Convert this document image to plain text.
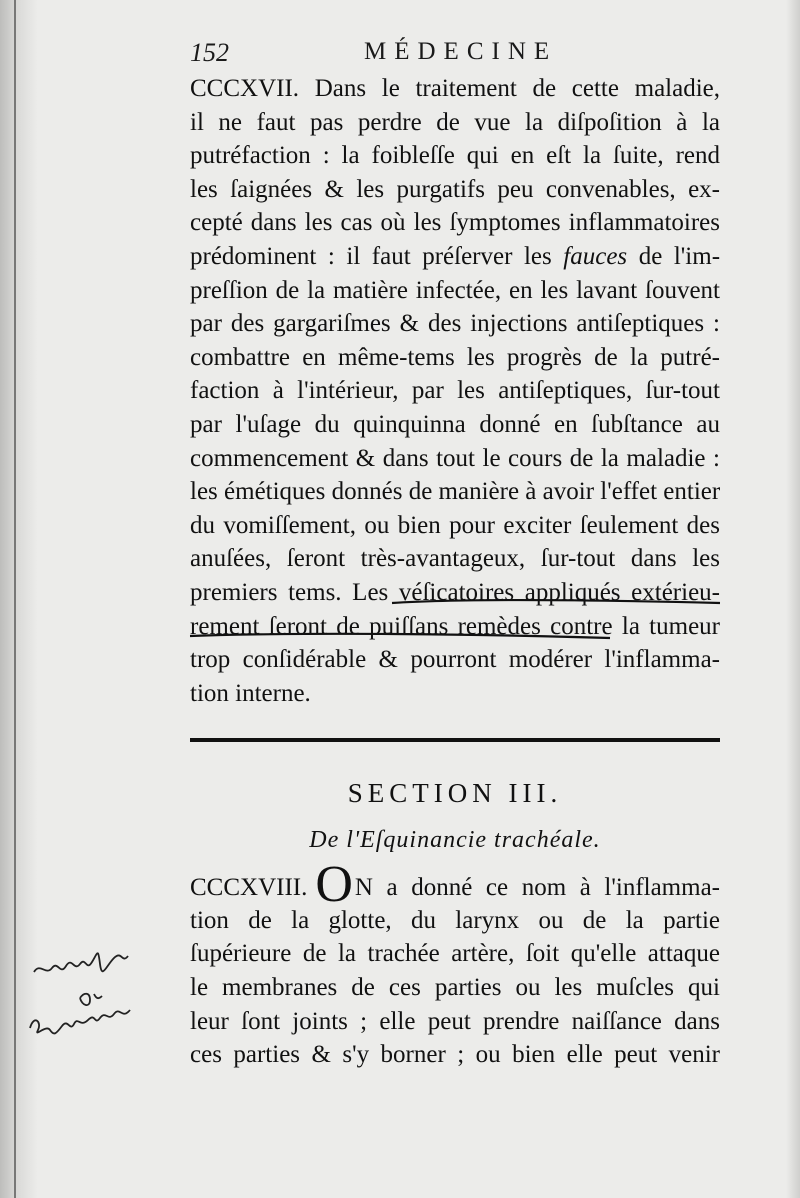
152	MÉDECINE
CCCXVII. Dans le traitement de cette maladie,
il ne faut pas perdre de vue la diſpoſition à la
putréfaction : la foibleſſe qui en eſt la ſuite, rend
les ſaignées & les purgatifs peu convenables, ex-
cepté dans les cas où les ſymptomes inflammatoires
prédominent : il faut préſerver les fauces de l'im-
preſſion de la matière infectée, en les lavant ſouvent
par des gargariſmes & des injections antiſeptiques :
combattre en même-tems les progrès de la putré-
faction à l'intérieur, par les antiſeptiques, ſur-tout
par l'uſage du quinquinna donné en ſubſtance au
commencement & dans tout le cours de la maladie :
les émétiques donnés de manière à avoir l'effet entier
du vomiſſement, ou bien pour exciter ſeulement des
anuſées, ſeront très-avantageux, ſur-tout dans les
premiers tems. Les véſicatoires appliqués extérieu-
rement ſeront de puiſſans remèdes contre la tumeur
trop conſidérable & pourront modérer l'inflamma-
tion interne.
SECTION III.
De l'Eſquinancie trachéale.
CCCXVIII. ON a donné ce nom à l'inflamma-
tion de la glotte, du larynx ou de la partie
ſupérieure de la trachée artère, ſoit qu'elle attaque
le membranes de ces parties ou les muſcles qui
leur ſont joints ; elle peut prendre naiſſance dans
ces parties & s'y borner ; ou bien elle peut venir
